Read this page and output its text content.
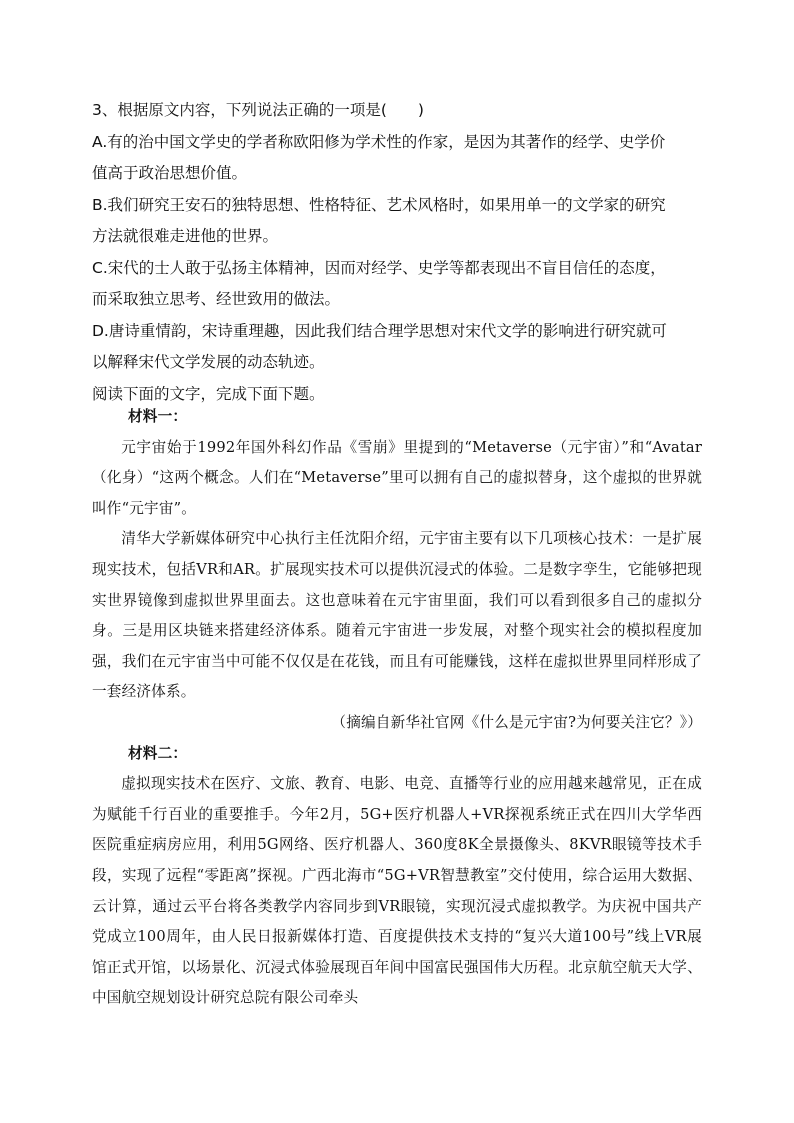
3、根据原文内容，下列说法正确的一项是(　　)

A.有的治中国文学史的学者称欧阳修为学术性的作家，是因为其著作的经学、史学价

值高于政治思想价值。

B.我们研究王安石的独特思想、性格特征、艺术风格时，如果用单一的文学家的研究

方法就很难走进他的世界。

C.宋代的士人敢于弘扬主体精神，因而对经学、史学等都表现出不盲目信任的态度，

而采取独立思考、经世致用的做法。

D.唐诗重情韵，宋诗重理趣，因此我们结合理学思想对宋代文学的影响进行研究就可

以解释宋代文学发展的动态轨迹。

阅读下面的文字，完成下面下题。

材料一：

元宇宙始于1992年国外科幻作品《雪崩》里提到的“Metaverse（元宇宙）”和“Avatar（化身）“这两个概念。人们在“Metaverse”里可以拥有自己的虚拟替身，这个虚拟的世界就叫作“元宇宙”。

清华大学新媒体研究中心执行主任沈阳介绍，元宇宙主要有以下几项核心技术：一是扩展现实技术，包括VR和AR。扩展现实技术可以提供沉浸式的体验。二是数字孪生，它能够把现实世界镜像到虚拟世界里面去。这也意味着在元宇宙里面，我们可以看到很多自己的虚拟分身。三是用区块链来搭建经济体系。随着元宇宙进一步发展，对整个现实社会的模拟程度加强，我们在元宇宙当中可能不仅仅是在花钱，而且有可能赚钱，这样在虚拟世界里同样形成了一套经济体系。

（摘编自新华社官网《什么是元宇宙?为何要关注它？》）

材料二：

虚拟现实技术在医疗、文旅、教育、电影、电竞、直播等行业的应用越来越常见，正在成为赋能千行百业的重要推手。今年2月，5G+医疗机器人+VR探视系统正式在四川大学华西医院重症病房应用，利用5G网络、医疗机器人、360度8K全景摄像头、8KVR眼镜等技术手段，实现了远程“零距离”探视。广西北海市“5G+VR智慧教室”交付使用，综合运用大数据、云计算，通过云平台将各类教学内容同步到VR眼镜，实现沉浸式虚拟教学。为庆祝中国共产党成立100周年，由人民日报新媒体打造、百度提供技术支持的“复兴大道100号”线上VR展馆正式开馆，以场景化、沉浸式体验展现百年间中国富民强国伟大历程。北京航空航天大学、中国航空规划设计研究总院有限公司牵头
